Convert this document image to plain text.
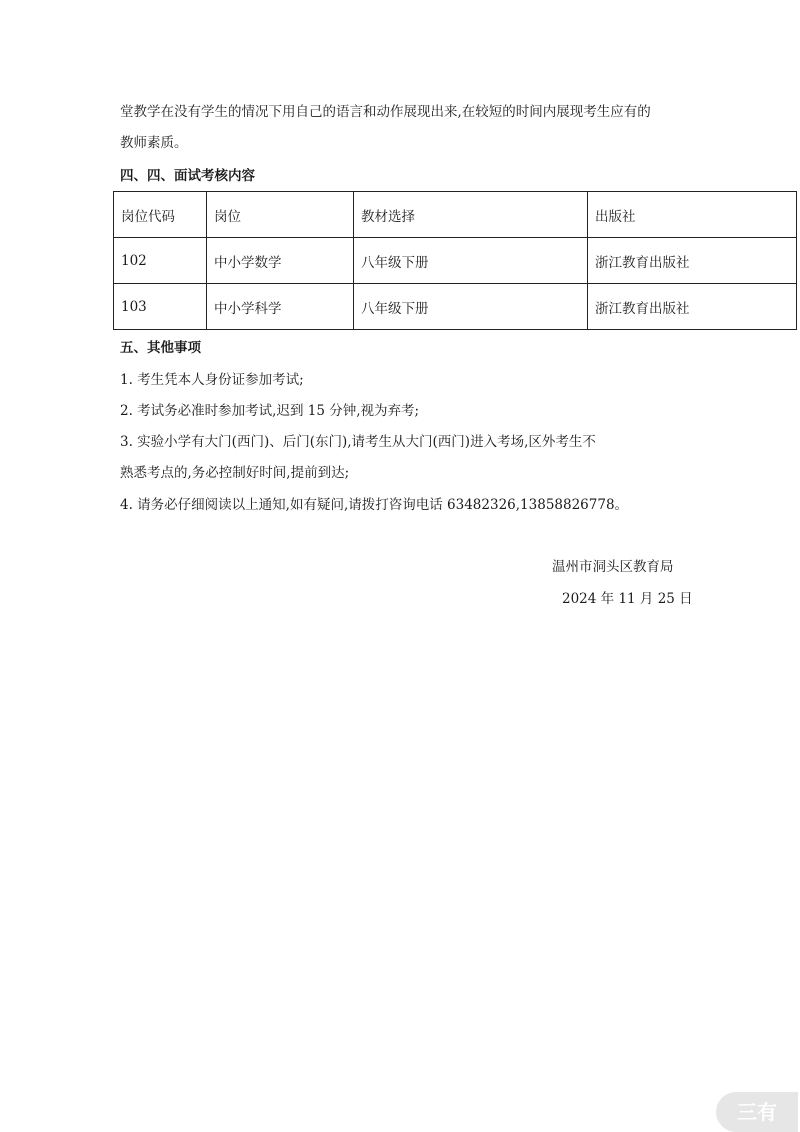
堂教学在没有学生的情况下用自己的语言和动作展现出来,在较短的时间内展现考生应有的
教师素质。
四、四、面试考核内容
岗位代码	岗位	教材选择	出版社
102	中小学数学	八年级下册	浙江教育出版社
103	中小学科学	八年级下册	浙江教育出版社
五、其他事项
1. 考生凭本人身份证参加考试;
2. 考试务必准时参加考试,迟到 15 分钟,视为弃考;
3. 实验小学有大门(西门)、后门(东门),请考生从大门(西门)进入考场,区外考生不
熟悉考点的,务必控制好时间,提前到达;
4. 请务必仔细阅读以上通知,如有疑问,请拨打咨询电话 63482326,13858826778。
温州市洞头区教育局
2024 年 11 月 25 日
三有
